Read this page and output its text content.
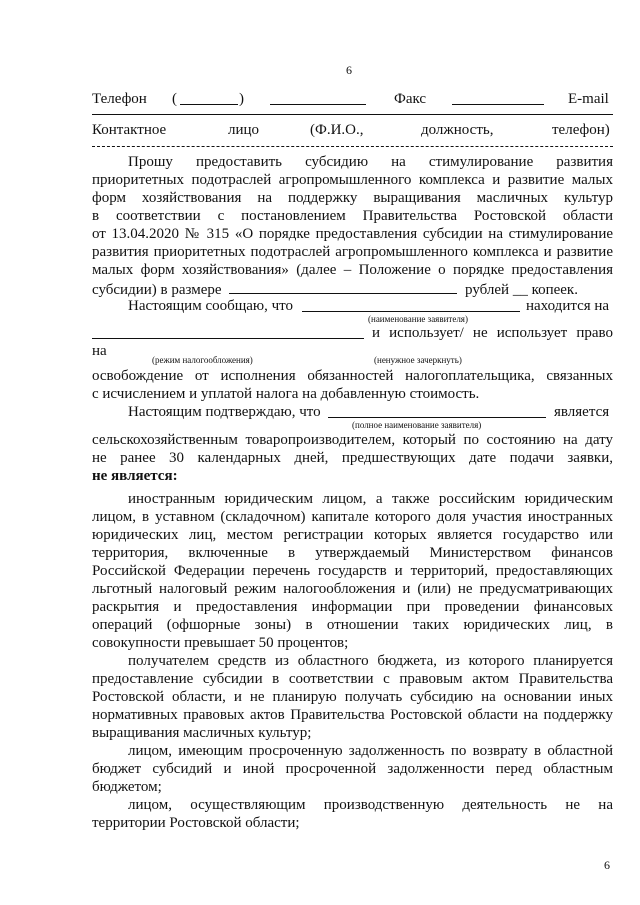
6
6
Телефон (	)	Факс	E-mail
Контактное	лицо	(Ф.И.О.,	должность,	телефон)
Прошу предоставить субсидию на стимулирование развития
приоритетных подотраслей агропромышленного комплекса и развитие малых
форм хозяйствования на поддержку выращивания масличных культур
в соответствии с постановлением Правительства Ростовской области
от 13.04.2020 № 315 «О порядке предоставления субсидии на стимулирование
развития приоритетных подотраслей агропромышленного комплекса и развитие
малых форм хозяйствования» (далее – Положение о порядке предоставления
субсидии) в размере	рублей __ копеек.
Настоящим сообщаю, что	находится на
(наименование заявителя)
и использует/ не использует право
на
(режим налогообложения)	(ненужное зачеркнуть)
освобождение от исполнения обязанностей налогоплательщика, связанных
с исчислением и уплатой налога на добавленную стоимость.
Настоящим подтверждаю, что	является
(полное наименование заявителя)
сельскохозяйственным товаропроизводителем, который по состоянию на дату
не ранее 30 календарных дней, предшествующих дате подачи заявки,
не является:
иностранным юридическим лицом, а также российским юридическим
лицом, в уставном (складочном) капитале которого доля участия иностранных
юридических лиц, местом регистрации которых является государство или
территория, включенные в утверждаемый Министерством финансов
Российской Федерации перечень государств и территорий, предоставляющих
льготный налоговый режим налогообложения и (или) не предусматривающих
раскрытия и предоставления информации при проведении финансовых
операций (офшорные зоны) в отношении таких юридических лиц, в
совокупности превышает 50 процентов;
получателем средств из областного бюджета, из которого планируется
предоставление субсидии в соответствии с правовым актом Правительства
Ростовской области, и не планирую получать субсидию на основании иных
нормативных правовых актов Правительства Ростовской области на поддержку
выращивания масличных культур;
лицом, имеющим просроченную задолженность по возврату в областной
бюджет субсидий и иной просроченной задолженности перед областным
бюджетом;
лицом, осуществляющим производственную деятельность не на
территории Ростовской области;
